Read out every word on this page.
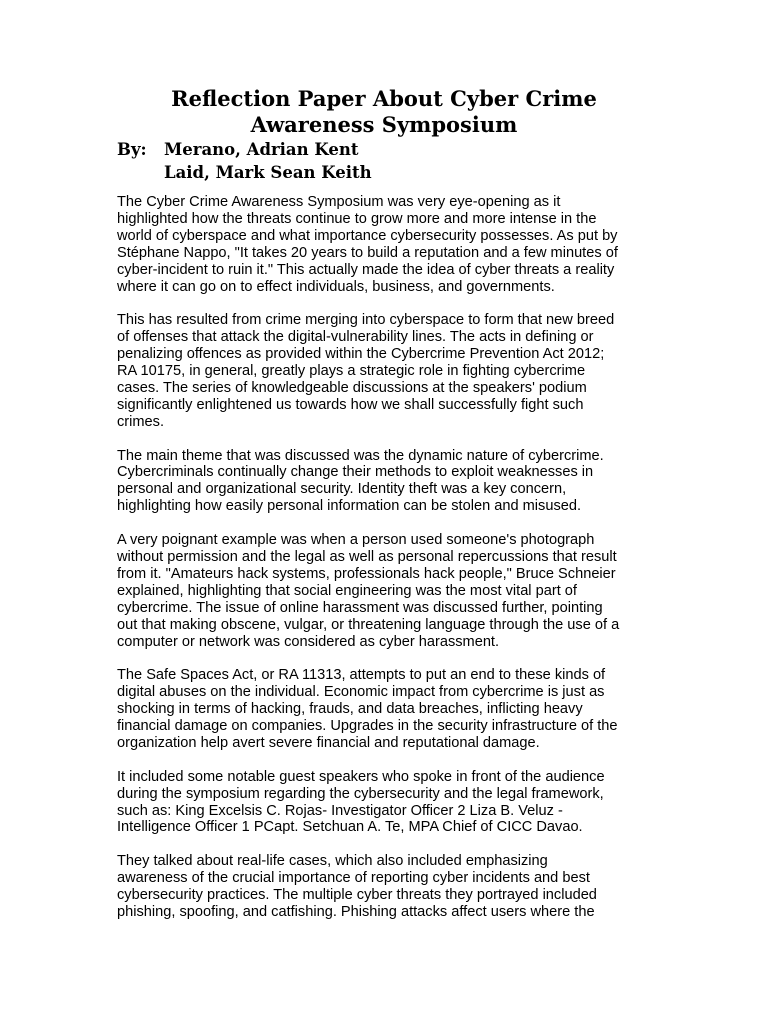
Reflection Paper About Cyber Crime
Awareness Symposium
By: Merano, Adrian Kent
Laid, Mark Sean Keith

The Cyber Crime Awareness Symposium was very eye-opening as it
highlighted how the threats continue to grow more and more intense in the
world of cyberspace and what importance cybersecurity possesses. As put by
Stéphane Nappo, "It takes 20 years to build a reputation and a few minutes of
cyber-incident to ruin it." This actually made the idea of cyber threats a reality
where it can go on to effect individuals, business, and governments.

This has resulted from crime merging into cyberspace to form that new breed
of offenses that attack the digital-vulnerability lines. The acts in defining or
penalizing offences as provided within the Cybercrime Prevention Act 2012;
RA 10175, in general, greatly plays a strategic role in fighting cybercrime
cases. The series of knowledgeable discussions at the speakers' podium
significantly enlightened us towards how we shall successfully fight such
crimes.

The main theme that was discussed was the dynamic nature of cybercrime.
Cybercriminals continually change their methods to exploit weaknesses in
personal and organizational security. Identity theft was a key concern,
highlighting how easily personal information can be stolen and misused.

A very poignant example was when a person used someone's photograph
without permission and the legal as well as personal repercussions that result
from it. "Amateurs hack systems, professionals hack people," Bruce Schneier
explained, highlighting that social engineering was the most vital part of
cybercrime. The issue of online harassment was discussed further, pointing
out that making obscene, vulgar, or threatening language through the use of a
computer or network was considered as cyber harassment.

The Safe Spaces Act, or RA 11313, attempts to put an end to these kinds of
digital abuses on the individual. Economic impact from cybercrime is just as
shocking in terms of hacking, frauds, and data breaches, inflicting heavy
financial damage on companies. Upgrades in the security infrastructure of the
organization help avert severe financial and reputational damage.

It included some notable guest speakers who spoke in front of the audience
during the symposium regarding the cybersecurity and the legal framework,
such as: King Excelsis C. Rojas- Investigator Officer 2 Liza B. Veluz -
Intelligence Officer 1 PCapt. Setchuan A. Te, MPA Chief of CICC Davao.

They talked about real-life cases, which also included emphasizing
awareness of the crucial importance of reporting cyber incidents and best
cybersecurity practices. The multiple cyber threats they portrayed included
phishing, spoofing, and catfishing. Phishing attacks affect users where the
